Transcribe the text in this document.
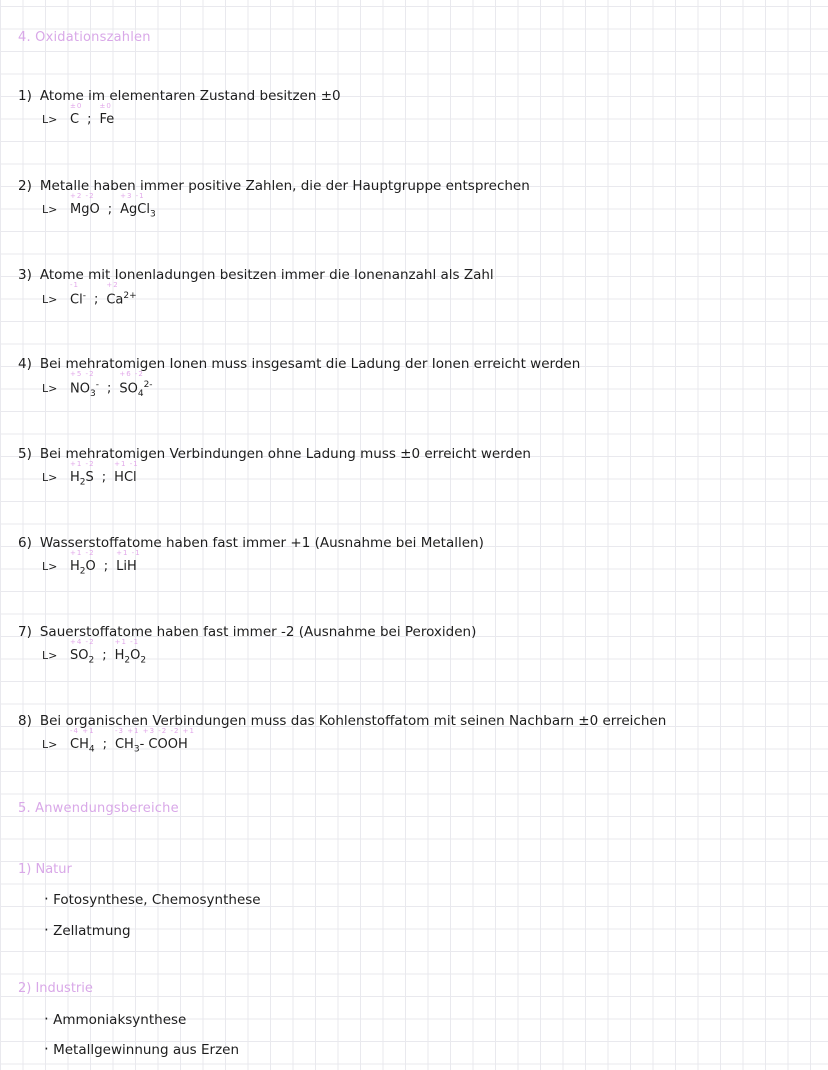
4. Oxidationszahlen
1) Atome im elementaren Zustand besitzen ±0
L>
±0
C ;
±0
Fe
2) Metalle haben immer positive Zahlen, die der Hauptgruppe entsprechen
L>
+2 -2
MgO ;
+3 -1
AgCl$_3$
3) Atome mit Ionenladungen besitzen immer die Ionenanzahl als Zahl
L>
-1
Cl- ;
+2
$Ca^{2+}$
4) Bei mehratomigen Ionen muss insgesamt die Ladung der Ionen erreicht werden
L>
+5 -2
$NO_3^-$ ;
+6 -2
$SO_4^{2-}$
5) Bei mehratomigen Verbindungen ohne Ladung muss ±0 erreicht werden
L>
+1 -2
$H_2S$ ;
+1 -1
HCl
6) Wasserstoffatome haben fast immer +1 (Ausnahme bei Metallen)
L>
+1 -2
$H_2O$ ;
+1 -1
LiH
7) Sauerstoffatome haben fast immer -2 (Ausnahme bei Peroxiden)
L>
+4 -2
$SO_2$ ;
+1 -1
$H_2O_2$
8) Bei organischen Verbindungen muss das Kohlenstoffatom mit seinen Nachbarn ±0 erreichen
L>
-4 +1
$CH_4$ ;
-3 +1 +3 -2 -2 +1
$CH_3-$ COOH
5. Anwendungsbereiche
1) Natur
· Fotosynthese, Chemosynthese
· Zellatmung
2) Industrie
· Ammoniaksynthese
· Metallgewinnung aus Erzen
